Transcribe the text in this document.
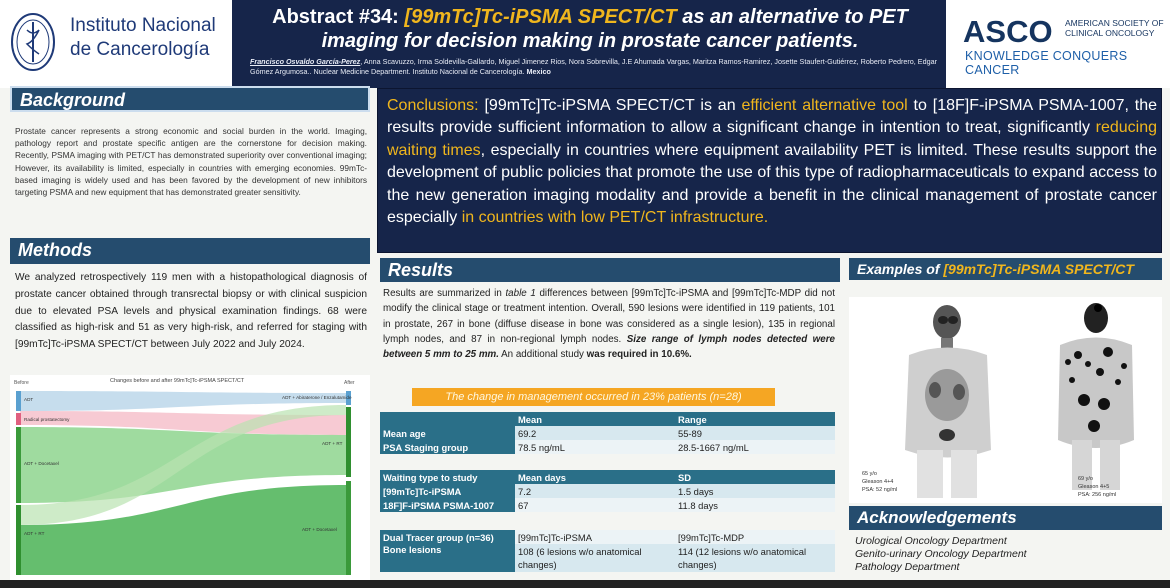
Instituto Nacional
de Cancerología
Abstract #34: [99mTc]Tc-iPSMA SPECT/CT as an alternative to PET
imaging for decision making in prostate cancer patients.
Francisco Osvaldo García-Perez, Anna Scavuzzo, Irma Soldevilla-Gallardo, Miguel Jimenez Rios, Nora Sobrevilla, J.E Ahumada Vargas, Maritza Ramos-Ramirez, Josette Staufert-Gutiérrez, Roberto Pedrero, Edgar Gómez Argumosa.. Nuclear Medicine Department. Instituto Nacional de Cancerología. Mexico
ASCO AMERICAN SOCIETY OF CLINICAL ONCOLOGY
KNOWLEDGE CONQUERS CANCER
Background
Prostate cancer represents a strong economic and social burden in the world. Imaging, pathology report and prostate specific antigen are the cornerstone for decision making. Recently, PSMA imaging with PET/CT has demonstrated superiority over conventional imaging; However, its availability is limited, especially in countries with emerging economies. 99mTc-based imaging is widely used and has been favored by the development of new inhibitors targeting PSMA and new equipment that has demonstrated greater sensitivity.
Methods
We analyzed retrospectively 119 men with a histopathological diagnosis of prostate cancer obtained through transrectal biopsy or with clinical suspicion due to elevated PSA levels and physical examination findings. 68 were classified as high-risk and 51 as very high-risk, and referred for staging with [99mTc]Tc-iPSMA SPECT/CT between July 2022 and July 2024.
Before	Changes before and after 99mTc]Tc-iPSMA SPECT/CT	After
ADT
Radical prostatectomy
ADT + Docetaxel
ADT + RT
ADT + Abiraterone / Enzalutamide
ADT + RT
ADT + Docetaxel
Conclusions: [99mTc]Tc-iPSMA SPECT/CT is an efficient alternative tool to [18F]F-iPSMA PSMA-1007, the results provide sufficient information to allow a significant change in intention to treat, significantly reducing waiting times, especially in countries where equipment availability PET is limited. These results support the development of public policies that promote the use of this type of radiopharmaceuticals to expand access to the new generation imaging modality and provide a benefit in the clinical management of prostate cancer especially in countries with low PET/CT infrastructure.
Results
Results are summarized in table 1 differences between [99mTc]Tc-iPSMA and [99mTc]Tc-MDP did not modify the clinical stage or treatment intention. Overall, 590 lesions were identified in 119 patients, 101 in prostate, 267 in bone (diffuse disease in bone was considered as a single lesion), 135 in regional lymph nodes, and 87 in non-regional lymph nodes. Size range of lymph nodes detected were between 5 mm to 25 mm. An additional study was required in 10.6%.
The change in management occurred in 23% patients (n=28)
	Mean	Range
Mean age	69.2	55-89
PSA Staging group	78.5 ng/mL	28.5-1667 ng/mL
Waiting type to study	Mean days	SD
[99mTc]Tc-iPSMA	7.2	1.5 days
18F]F-iPSMA PSMA-1007	67	11.8 days
Dual Tracer group (n=36)	[99mTc]Tc-iPSMA	[99mTc]Tc-MDP
Bone lesions	108 (6 lesions w/o anatomical changes)	114 (12 lesions w/o anatomical changes)
Examples of [99mTc]Tc-iPSMA SPECT/CT
65 y/o
Gleason 4+4
PSA: 52 ng/ml
69 y/o
Gleason 4+5
PSA: 256 ng/ml
Acknowledgements
Urological Oncology Department
Genito-urinary Oncology Department
Pathology Department
